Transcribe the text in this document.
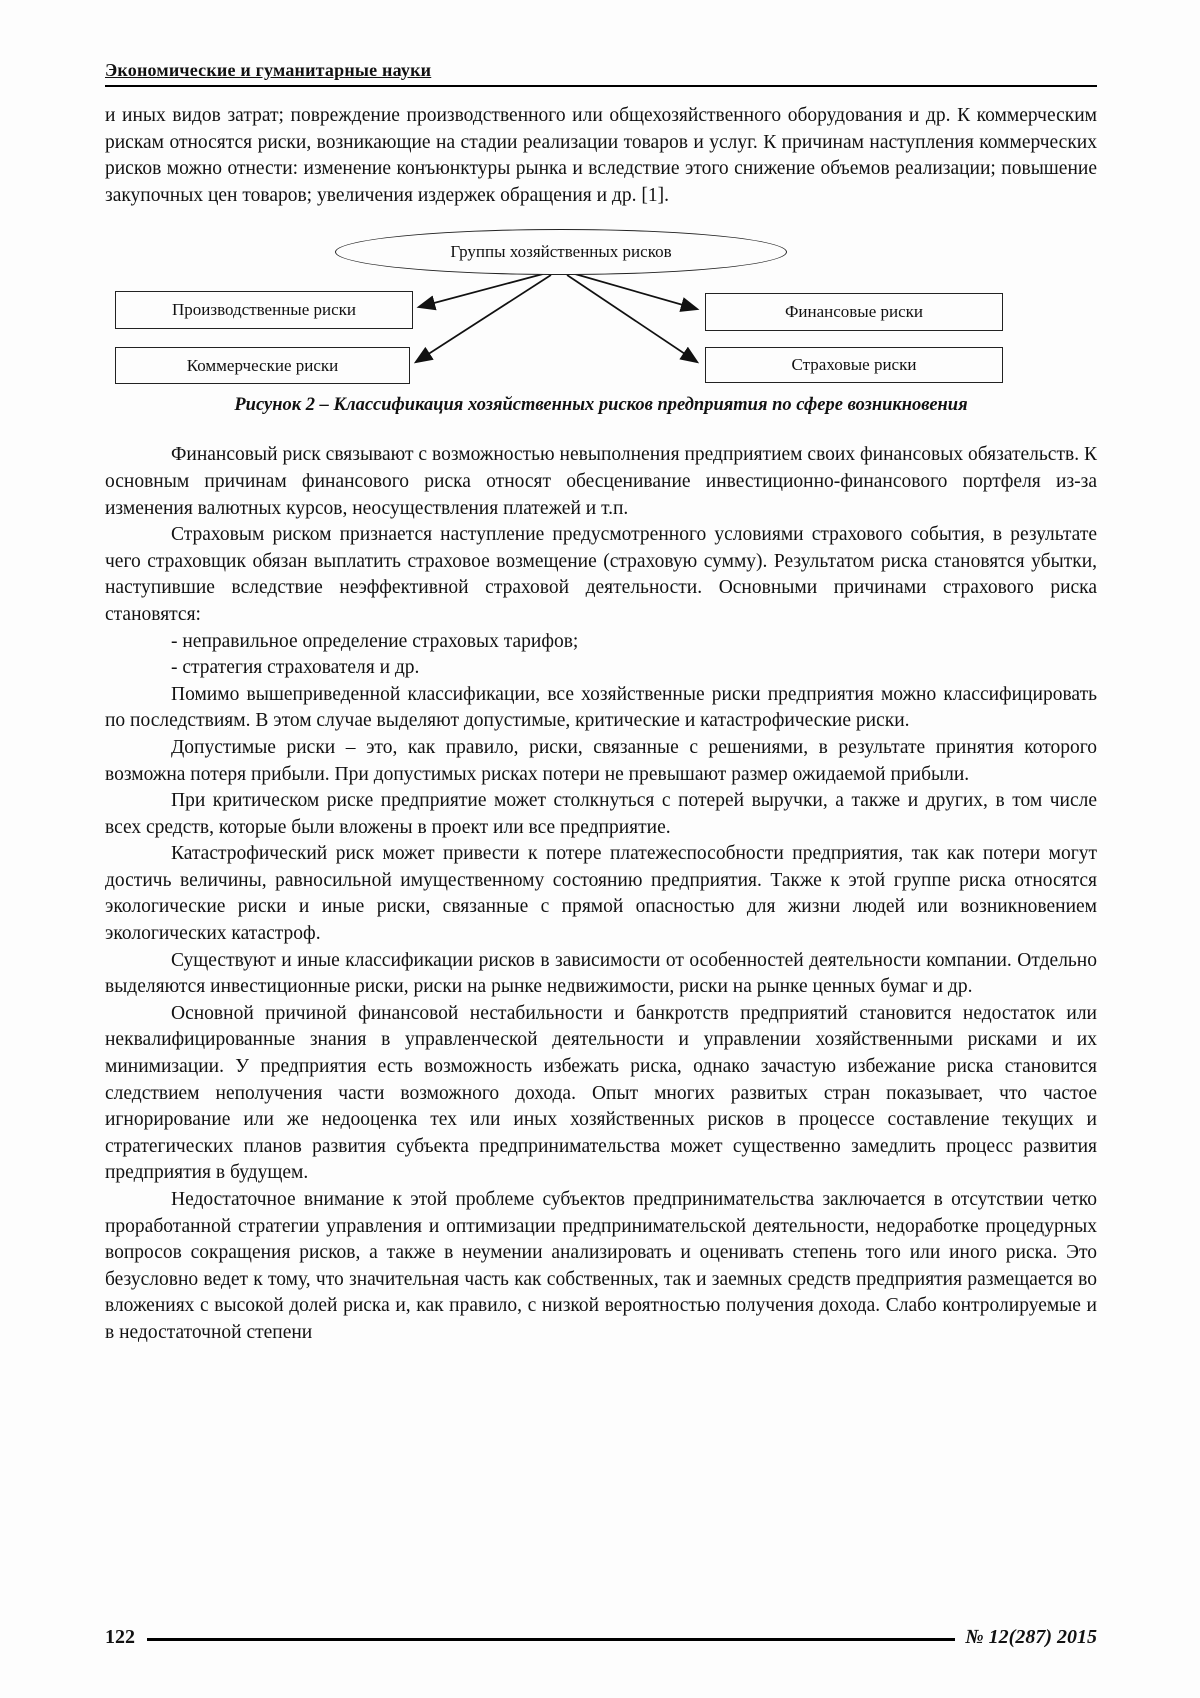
Экономические и гуманитарные науки

и иных видов затрат; повреждение производственного или общехозяйственного оборудования и др. К коммерческим рискам относятся риски, возникающие на стадии реализации товаров и услуг. К причинам наступления коммерческих рисков можно отнести: изменение конъюнктуры рынка и вследствие этого снижение объемов реализации; повышение закупочных цен товаров; увеличения издержек обращения и др. [1].

Группы хозяйственных рисков
Производственные риски
Коммерческие риски
Финансовые риски
Страховые риски
Рисунок 2 – Классификация хозяйственных рисков предприятия по сфере возникновения

Финансовый риск связывают с возможностью невыполнения предприятием своих финансовых обязательств. К основным причинам финансового риска относят обесценивание инвестиционно-финансового портфеля из-за изменения валютных курсов, неосуществления платежей и т.п.

Страховым риском признается наступление предусмотренного условиями страхового события, в результате чего страховщик обязан выплатить страховое возмещение (страховую сумму). Результатом риска становятся убытки, наступившие вследствие неэффективной страховой деятельности. Основными причинами страхового риска становятся:

- неправильное определение страховых тарифов;
- стратегия страхователя и др.

Помимо вышеприведенной классификации, все хозяйственные риски предприятия можно классифицировать по последствиям. В этом случае выделяют допустимые, критические и катастрофические риски.

Допустимые риски – это, как правило, риски, связанные с решениями, в результате принятия которого возможна потеря прибыли. При допустимых рисках потери не превышают размер ожидаемой прибыли.

При критическом риске предприятие может столкнуться с потерей выручки, а также и других, в том числе всех средств, которые были вложены в проект или все предприятие.

Катастрофический риск может привести к потере платежеспособности предприятия, так как потери могут достичь величины, равносильной имущественному состоянию предприятия. Также к этой группе риска относятся экологические риски и иные риски, связанные с прямой опасностью для жизни людей или возникновением экологических катастроф.

Существуют и иные классификации рисков в зависимости от особенностей деятельности компании. Отдельно выделяются инвестиционные риски, риски на рынке недвижимости, риски на рынке ценных бумаг и др.

Основной причиной финансовой нестабильности и банкротств предприятий становится недостаток или неквалифицированные знания в управленческой деятельности и управлении хозяйственными рисками и их минимизации. У предприятия есть возможность избежать риска, однако зачастую избежание риска становится следствием неполучения части возможного дохода. Опыт многих развитых стран показывает, что частое игнорирование или же недооценка тех или иных хозяйственных рисков в процессе составление текущих и стратегических планов развития субъекта предпринимательства может существенно замедлить процесс развития предприятия в будущем.

Недостаточное внимание к этой проблеме субъектов предпринимательства заключается в отсутствии четко проработанной стратегии управления и оптимизации предпринимательской деятельности, недоработке процедурных вопросов сокращения рисков, а также в неумении анализировать и оценивать степень того или иного риска. Это безусловно ведет к тому, что значительная часть как собственных, так и заемных средств предприятия размещается во вложениях с высокой долей риска и, как правило, с низкой вероятностью получения дохода. Слабо контролируемые и в недостаточной степени

122	№ 12(287) 2015
